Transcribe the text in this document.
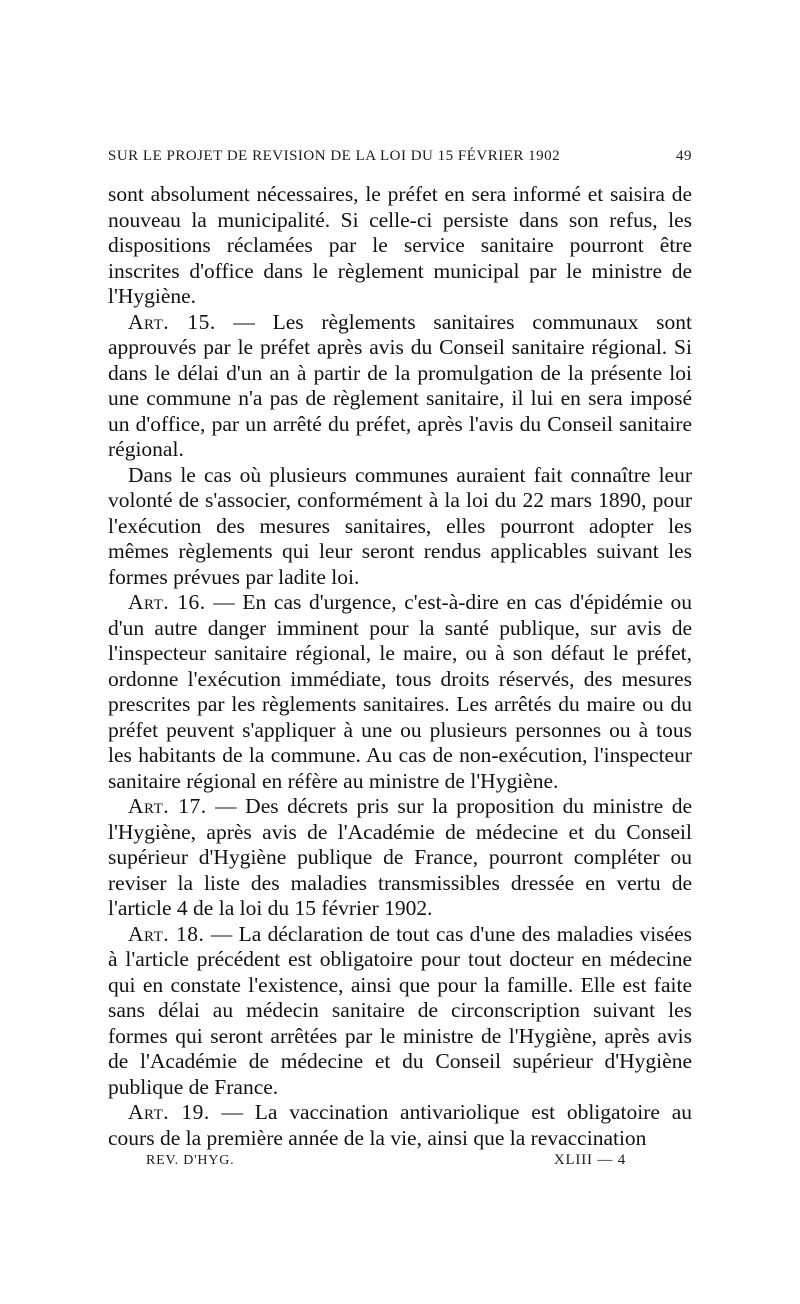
SUR LE PROJET DE REVISION DE LA LOI DU 15 FÉVRIER 1902	49

sont absolument nécessaires, le préfet en sera informé et saisira de nouveau la municipalité. Si celle-ci persiste dans son refus, les dispositions réclamées par le service sanitaire pourront être inscrites d'office dans le règlement municipal par le ministre de l'Hygiène.

Art. 15. — Les règlements sanitaires communaux sont approuvés par le préfet après avis du Conseil sanitaire régional. Si dans le délai d'un an à partir de la promulgation de la présente loi une commune n'a pas de règlement sanitaire, il lui en sera imposé un d'office, par un arrêté du préfet, après l'avis du Conseil sanitaire régional.

Dans le cas où plusieurs communes auraient fait connaître leur volonté de s'associer, conformément à la loi du 22 mars 1890, pour l'exécution des mesures sanitaires, elles pourront adopter les mêmes règlements qui leur seront rendus applicables suivant les formes prévues par ladite loi.

Art. 16. — En cas d'urgence, c'est-à-dire en cas d'épidémie ou d'un autre danger imminent pour la santé publique, sur avis de l'inspecteur sanitaire régional, le maire, ou à son défaut le préfet, ordonne l'exécution immédiate, tous droits réservés, des mesures prescrites par les règlements sanitaires. Les arrêtés du maire ou du préfet peuvent s'appliquer à une ou plusieurs personnes ou à tous les habitants de la commune. Au cas de non-exécution, l'inspecteur sanitaire régional en réfère au ministre de l'Hygiène.

Art. 17. — Des décrets pris sur la proposition du ministre de l'Hygiène, après avis de l'Académie de médecine et du Conseil supérieur d'Hygiène publique de France, pourront compléter ou reviser la liste des maladies transmissibles dressée en vertu de l'article 4 de la loi du 15 février 1902.

Art. 18. — La déclaration de tout cas d'une des maladies visées à l'article précédent est obligatoire pour tout docteur en médecine qui en constate l'existence, ainsi que pour la famille. Elle est faite sans délai au médecin sanitaire de circonscription suivant les formes qui seront arrêtées par le ministre de l'Hygiène, après avis de l'Académie de médecine et du Conseil supérieur d'Hygiène publique de France.

Art. 19. — La vaccination antivariolique est obligatoire au cours de la première année de la vie, ainsi que la revaccination

REV. D'HYG.	XLIII — 4
